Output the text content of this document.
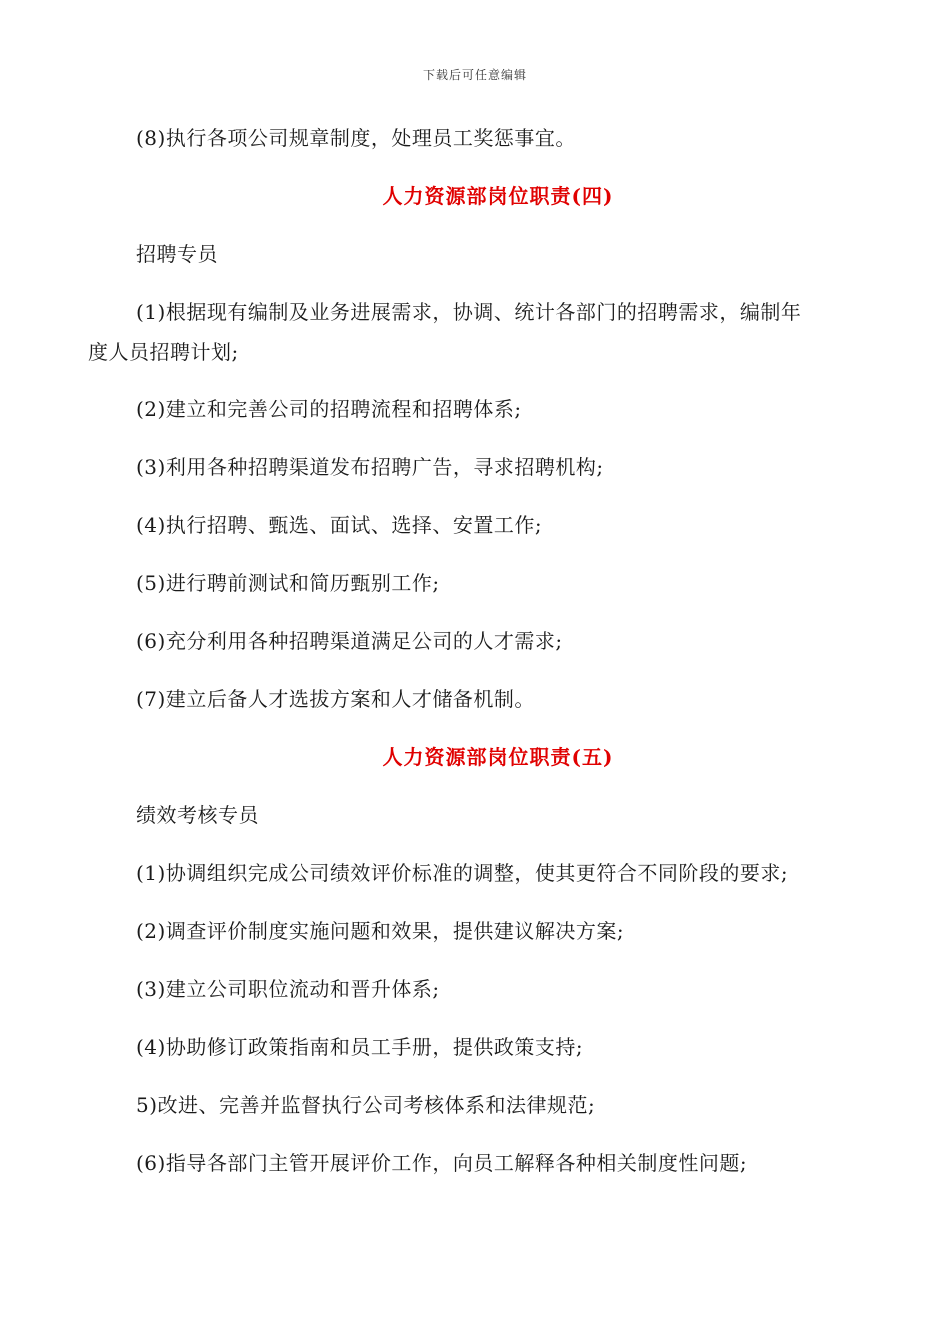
下载后可任意编辑
(8)执行各项公司规章制度，处理员工奖惩事宜。
人力资源部岗位职责(四)
招聘专员
(1)根据现有编制及业务进展需求，协调、统计各部门的招聘需求，编制年
度人员招聘计划;
(2)建立和完善公司的招聘流程和招聘体系;
(3)利用各种招聘渠道发布招聘广告，寻求招聘机构;
(4)执行招聘、甄选、面试、选择、安置工作;
(5)进行聘前测试和简历甄别工作;
(6)充分利用各种招聘渠道满足公司的人才需求;
(7)建立后备人才选拔方案和人才储备机制。
人力资源部岗位职责(五)
绩效考核专员
(1)协调组织完成公司绩效评价标准的调整，使其更符合不同阶段的要求;
(2)调查评价制度实施问题和效果，提供建议解决方案;
(3)建立公司职位流动和晋升体系;
(4)协助修订政策指南和员工手册，提供政策支持;
5)改进、完善并监督执行公司考核体系和法律规范;
(6)指导各部门主管开展评价工作，向员工解释各种相关制度性问题;
